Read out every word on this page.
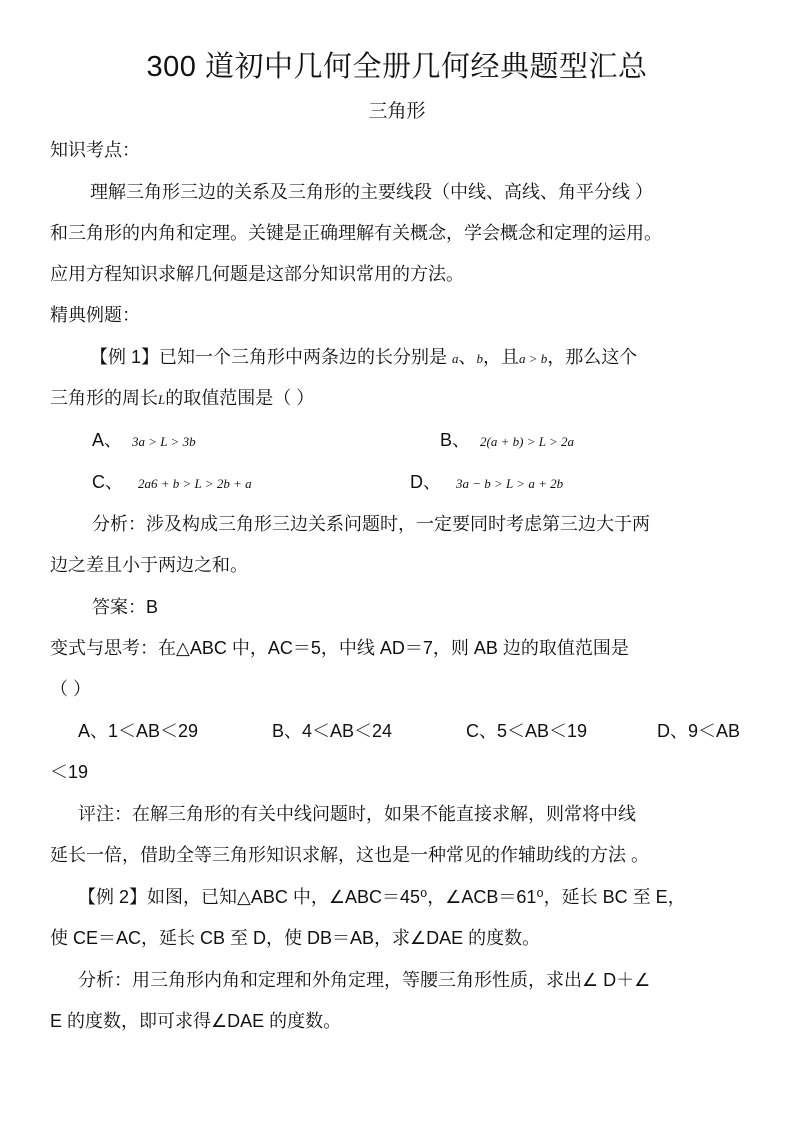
300 道初中几何全册几何经典题型汇总
三角形
知识考点：
理解三角形三边的关系及三角形的主要线段（中线、高线、角平分线 ）
和三角形的内角和定理。关键是正确理解有关概念，学会概念和定理的运用。
应用方程知识求解几何题是这部分知识常用的方法。
精典例题：
【例 1】已知一个三角形中两条边的长分别是 a、b，且a > b，那么这个
三角形的周长L的取值范围是（ ）
A、 3a > L > 3b	B、 2(a + b) > L > 2a
C、 2a6 + b > L > 2b + a	D、 3a − b > L > a + 2b
分析：涉及构成三角形三边关系问题时，一定要同时考虑第三边大于两
边之差且小于两边之和。
答案：B
变式与思考：在△ABC 中，AC＝5，中线 AD＝7，则 AB 边的取值范围是
（ ）
A、1＜AB＜29	B、4＜AB＜24	C、5＜AB＜19	D、9＜AB
＜19
评注：在解三角形的有关中线问题时，如果不能直接求解，则常将中线
延长一倍，借助全等三角形知识求解，这也是一种常见的作辅助线的方法 。
【例 2】如图，已知△ABC 中，∠ABC＝45⁰，∠ACB＝61⁰，延长 BC 至 E，
使 CE＝AC，延长 CB 至 D，使 DB＝AB，求∠DAE 的度数。
分析：用三角形内角和定理和外角定理，等腰三角形性质，求出∠ D＋∠
E 的度数，即可求得∠DAE 的度数。
